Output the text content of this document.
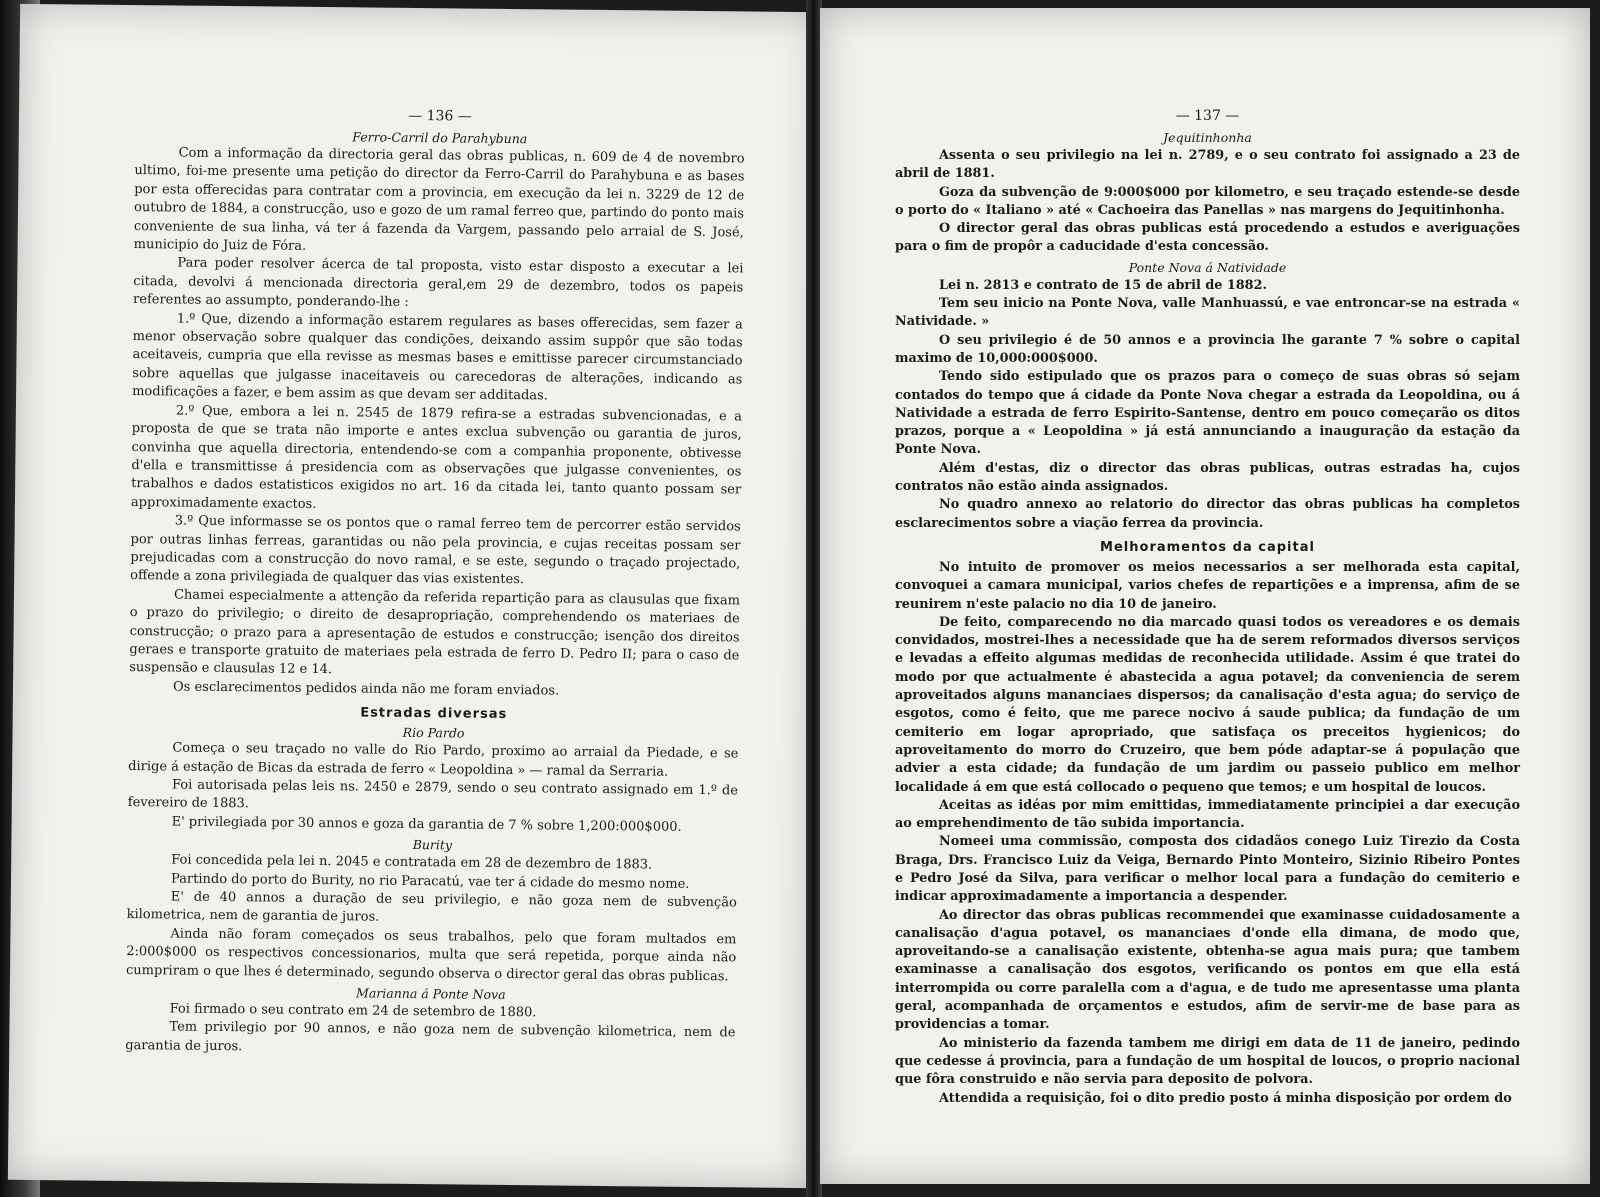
— 136 —
Ferro-Carril do Parahybuna

Com a informação da directoria geral das obras publicas, n. 609 de 4 de novembro ultimo, foi-me presente uma petição do director da Ferro-Carril do Parahybuna e as bases por esta offerecidas para contratar com a provincia, em execução da lei n. 3229 de 12 de outubro de 1884, a construcção, uso e gozo de um ramal ferreo que, partindo do ponto mais conveniente de sua linha, vá ter á fazenda da Vargem, passando pelo arraial de S. José, municipio do Juiz de Fóra.

Para poder resolver ácerca de tal proposta, visto estar disposto a executar a lei citada, devolvi á mencionada directoria geral,em 29 de dezembro, todos os papeis referentes ao assumpto, ponderando-lhe :

1.º Que, dizendo a informação estarem regulares as bases offerecidas, sem fazer a menor observação sobre qualquer das condições, deixando assim suppôr que são todas aceitaveis, cumpria que ella revisse as mesmas bases e emittisse parecer circumstanciado sobre aquellas que julgasse inaceitaveis ou carecedoras de alterações, indicando as modificações a fazer, e bem assim as que devam ser additadas.

2.º Que, embora a lei n. 2545 de 1879 refira-se a estradas subvencionadas, e a proposta de que se trata não importe e antes exclua subvenção ou garantia de juros, convinha que aquella directoria, entendendo-se com a companhia proponente, obtivesse d'ella e transmittisse á presidencia com as observações que julgasse convenientes, os trabalhos e dados estatisticos exigidos no art. 16 da citada lei, tanto quanto possam ser approximadamente exactos.

3.º Que informasse se os pontos que o ramal ferreo tem de percorrer estão servidos por outras linhas ferreas, garantidas ou não pela provincia, e cujas receitas possam ser prejudicadas com a construcção do novo ramal, e se este, segundo o traçado projectado, offende a zona privilegiada de qualquer das vias existentes.

Chamei especialmente a attenção da referida repartição para as clausulas que fixam o prazo do privilegio; o direito de desapropriação, comprehendendo os materiaes de construcção; o prazo para a apresentação de estudos e construcção; isenção dos direitos geraes e transporte gratuito de materiaes pela estrada de ferro D. Pedro II; para o caso de suspensão e clausulas 12 e 14.

Os esclarecimentos pedidos ainda não me foram enviados.

Estradas diversas
Rio Pardo

Começa o seu traçado no valle do Rio Pardo, proximo ao arraial da Piedade, e se dirige á estação de Bicas da estrada de ferro « Leopoldina » — ramal da Serraria.

Foi autorisada pelas leis ns. 2450 e 2879, sendo o seu contrato assignado em 1.º de fevereiro de 1883.

E' privilegiada por 30 annos e goza da garantia de 7 % sobre 1,200:000$000.

Burity

Foi concedida pela lei n. 2045 e contratada em 28 de dezembro de 1883.

Partindo do porto do Burity, no rio Paracatú, vae ter á cidade do mesmo nome.

E' de 40 annos a duração de seu privilegio, e não goza nem de subvenção kilometrica, nem de garantia de juros.

Ainda não foram começados os seus trabalhos, pelo que foram multados em 2:000$000 os respectivos concessionarios, multa que será repetida, porque ainda não cumpriram o que lhes é determinado, segundo observa o director geral das obras publicas.

Marianna á Ponte Nova

Foi firmado o seu contrato em 24 de setembro de 1880.

Tem privilegio por 90 annos, e não goza nem de subvenção kilometrica, nem de garantia de juros.

— 137 —
Jequitinhonha

Assenta o seu privilegio na lei n. 2789, e o seu contrato foi assignado a 23 de abril de 1881.

Goza da subvenção de 9:000$000 por kilometro, e seu traçado estende-se desde o porto do « Italiano » até « Cachoeira das Panellas » nas margens do Jequitinhonha.

O director geral das obras publicas está procedendo a estudos e averiguações para o fim de propôr a caducidade d'esta concessão.

Ponte Nova á Natividade

Lei n. 2813 e contrato de 15 de abril de 1882.

Tem seu inicio na Ponte Nova, valle Manhuassú, e vae entroncar-se na estrada « Natividade. »

O seu privilegio é de 50 annos e a provincia lhe garante 7 % sobre o capital maximo de 10,000:000$000.

Tendo sido estipulado que os prazos para o começo de suas obras só sejam contados do tempo que á cidade da Ponte Nova chegar a estrada da Leopoldina, ou á Natividade a estrada de ferro Espirito-Santense, dentro em pouco começarão os ditos prazos, porque a « Leopoldina » já está annunciando a inauguração da estação da Ponte Nova.

Além d'estas, diz o director das obras publicas, outras estradas ha, cujos contratos não estão ainda assignados.

No quadro annexo ao relatorio do director das obras publicas ha completos esclarecimentos sobre a viação ferrea da provincia.

Melhoramentos da capital

No intuito de promover os meios necessarios a ser melhorada esta capital, convoquei a camara municipal, varios chefes de repartições e a imprensa, afim de se reunirem n'este palacio no dia 10 de janeiro.

De feito, comparecendo no dia marcado quasi todos os vereadores e os demais convidados, mostrei-lhes a necessidade que ha de serem reformados diversos serviços e levadas a effeito algumas medidas de reconhecida utilidade. Assim é que tratei do modo por que actualmente é abastecida a agua potavel; da conveniencia de serem aproveitados alguns mananciaes dispersos; da canalisação d'esta agua; do serviço de esgotos, como é feito, que me parece nocivo á saude publica; da fundação de um cemiterio em logar apropriado, que satisfaça os preceitos hygienicos; do aproveitamento do morro do Cruzeiro, que bem póde adaptar-se á população que advier a esta cidade; da fundação de um jardim ou passeio publico em melhor localidade á em que está collocado o pequeno que temos; e um hospital de loucos.

Aceitas as idéas por mim emittidas, immediatamente principiei a dar execução ao emprehendimento de tão subida importancia.

Nomeei uma commissão, composta dos cidadãos conego Luiz Tirezio da Costa Braga, Drs. Francisco Luiz da Veiga, Bernardo Pinto Monteiro, Sizinio Ribeiro Pontes e Pedro José da Silva, para verificar o melhor local para a fundação do cemiterio e indicar approximadamente a importancia a despender.

Ao director das obras publicas recommendei que examinasse cuidadosamente a canalisação d'agua potavel, os mananciaes d'onde ella dimana, de modo que, aproveitando-se a canalisação existente, obtenha-se agua mais pura; que tambem examinasse a canalisação dos esgotos, verificando os pontos em que ella está interrompida ou corre paralella com a d'agua, e de tudo me apresentasse uma planta geral, acompanhada de orçamentos e estudos, afim de servir-me de base para as providencias a tomar.

Ao ministerio da fazenda tambem me dirigi em data de 11 de janeiro, pedindo que cedesse á provincia, para a fundação de um hospital de loucos, o proprio nacional que fôra construido e não servia para deposito de polvora.

Attendida a requisição, foi o dito predio posto á minha disposição por ordem do
